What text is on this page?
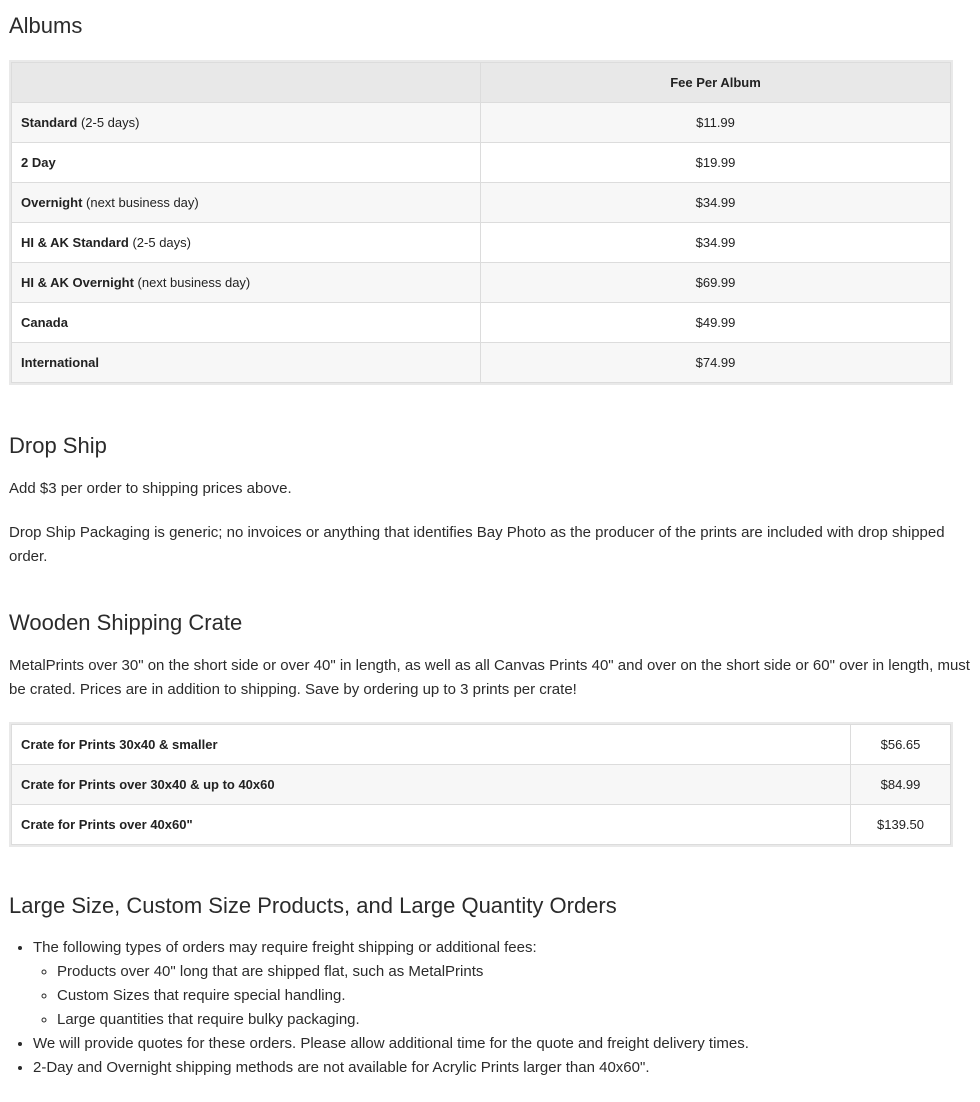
Albums
	Fee Per Album
Standard (2-5 days)	$11.99
2 Day	$19.99
Overnight (next business day)	$34.99
HI & AK Standard (2-5 days)	$34.99
HI & AK Overnight (next business day)	$69.99
Canada	$49.99
International	$74.99
Drop Ship

Add $3 per order to shipping prices above.

Drop Ship Packaging is generic; no invoices or anything that identifies Bay Photo as the producer of the prints are included with drop shipped order.

Wooden Shipping Crate

MetalPrints over 30" on the short side or over 40" in length, as well as all Canvas Prints 40" and over on the short side or 60" over in length, must be crated. Prices are in addition to shipping. Save by ordering up to 3 prints per crate!

Crate for Prints 30x40 & smaller	$56.65
Crate for Prints over 30x40 & up to 40x60	$84.99
Crate for Prints over 40x60"	$139.50
Large Size, Custom Size Products, and Large Quantity Orders
• The following types of orders may require freight shipping or additional fees:
◦ Products over 40" long that are shipped flat, such as MetalPrints
◦ Custom Sizes that require special handling.
◦ Large quantities that require bulky packaging.
• We will provide quotes for these orders. Please allow additional time for the quote and freight delivery times.
• 2-Day and Overnight shipping methods are not available for Acrylic Prints larger than 40x60".
